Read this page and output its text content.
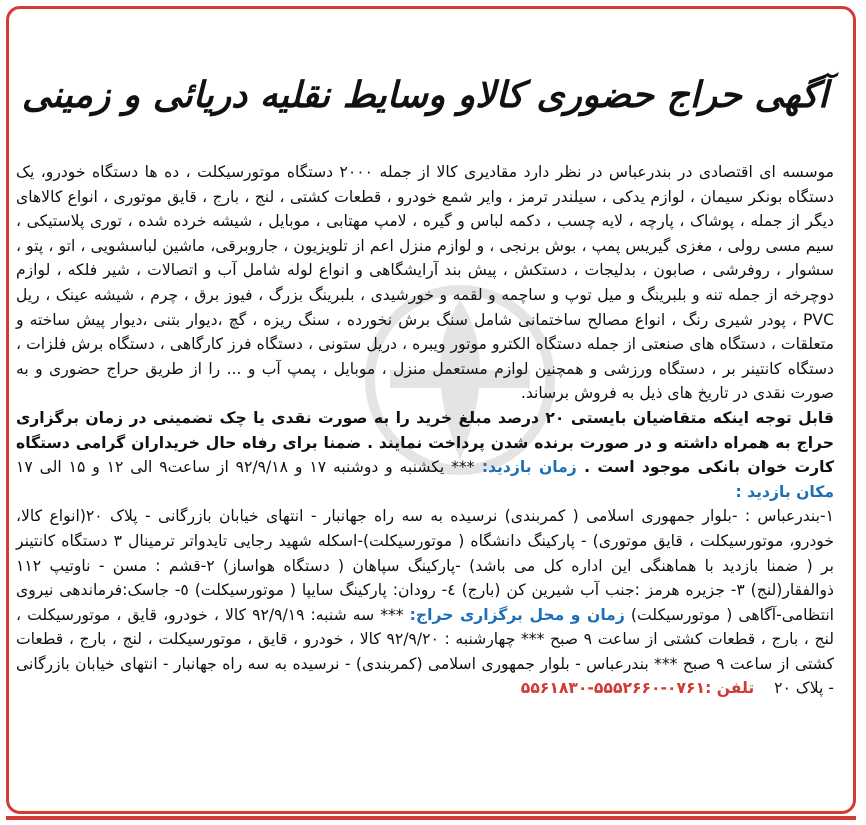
آگهی حراج حضوری کالاو وسایط نقلیه دریائی و زمینی

موسسه ای اقتصادی در بندرعباس در نظر دارد مقادیری کالا از جمله ۲۰۰۰ دستگاه موتورسیکلت ، ده ها دستگاه خودرو، یک دستگاه بونکر سیمان ، لوازم یدکی ، سیلندر ترمز ، وایر شمع خودرو ، قطعات کشتی ، لنج ، بارج ، قایق موتوری ، انواع کالاهای دیگر از جمله ، پوشاک ، پارچه ، لایه چسب ، دکمه لباس و گیره ، لامپ مهتابی ، موبایل ، شیشه خرده شده ، توری پلاستیکی ، سیم مسی رولی ، مغزی گیریس پمپ ، بوش برنجی ، و لوازم منزل اعم از تلویزیون ، جاروبرقی، ماشین لباسشویی ، اتو ، پتو ، سشوار ، روفرشی ، صابون ، بدلیجات ، دستکش ، پیش بند آرایشگاهی و انواع لوله شامل آب و اتصالات ، شیر فلکه ، لوازم دوچرخه از جمله تنه و بلبرینگ و میل توپ و ساچمه و لقمه و خورشیدی ، بلبرینگ بزرگ ، فیوز برق ، چرم ، شیشه عینک ، ریل PVC ، پودر شیری رنگ ، انواع مصالح ساختمانی شامل سنگ برش نخورده ، سنگ ریزه ، گچ ،دیوار بتنی ،دیوار پیش ساخته و متعلقات ، دستگاه های صنعتی از جمله دستگاه الکترو موتور ویبره ، دریل ستونی ، دستگاه فرز کارگاهی ، دستگاه برش فلزات ، دستگاه کانتینر بر ، دستگاه ورزشی و همچنین لوازم مستعمل منزل ، موبایل ، پمپ آب و ... را از طریق حراج حضوری و به صورت نقدی در تاریخ های ذیل به فروش برساند.

قابل توجه اینکه متقاضیان بایستی ۲۰ درصد مبلغ خرید را به صورت نقدی یا چک تضمینی در زمان برگزاری حراج به همراه داشته و در صورت برنده شدن پرداخت نمایند . ضمنا برای رفاه حال خریداران گرامی دستگاه کارت خوان بانکی موجود است . زمان بازدید: *** یکشنبه و دوشنبه ۱۷ و ۹۲/۹/۱۸ از ساعت۹ الی ۱۲ و ۱۵ الی ۱۷ مکان بازدید :

۱-بندرعباس : -بلوار جمهوری اسلامی ( کمربندی) نرسیده به سه راه جهانبار - انتهای خیابان بازرگانی - پلاک ۲۰(انواع کالا، خودرو، موتورسیکلت ، قایق موتوری) - پارکینگ دانشگاه ( موتورسیکلت)-اسکله شهید رجایی تایدواتر ترمینال ۳ دستگاه کانتینر بر ( ضمنا بازدید با هماهنگی این اداره کل می باشد) -پارکینگ سپاهان ( دستگاه هواساز) ۲-قشم : مسن - ناوتیپ ۱۱۲ ذوالفقار(لنج) ۳- جزیره هرمز :جنب آب شیرین کن (بارج) ٤- رودان: پارکینگ سایپا ( موتورسیکلت) ٥- جاسک:فرماندهی نیروی انتظامی-آگاهی ( موتورسیکلت) زمان و محل برگزاری حراج: *** سه شنبه: ۹۲/۹/۱۹ کالا ، خودرو، قایق ، موتورسیکلت ، لنج ، بارج ، قطعات کشتی از ساعت ۹ صبح *** چهارشنبه : ۹۲/۹/۲۰ کالا ، خودرو ، قایق ، موتورسیکلت ، لنج ، بارج ، قطعات کشتی از ساعت ۹ صبح *** بندرعباس - بلوار جمهوری اسلامی (کمربندی) - نرسیده به سه راه جهانبار - انتهای خیابان بازرگانی - پلاک ۲۰    تلفن :۰۷۶۱-۵۵۵۲۶۶۰-۵۵۶۱۸۳۰
